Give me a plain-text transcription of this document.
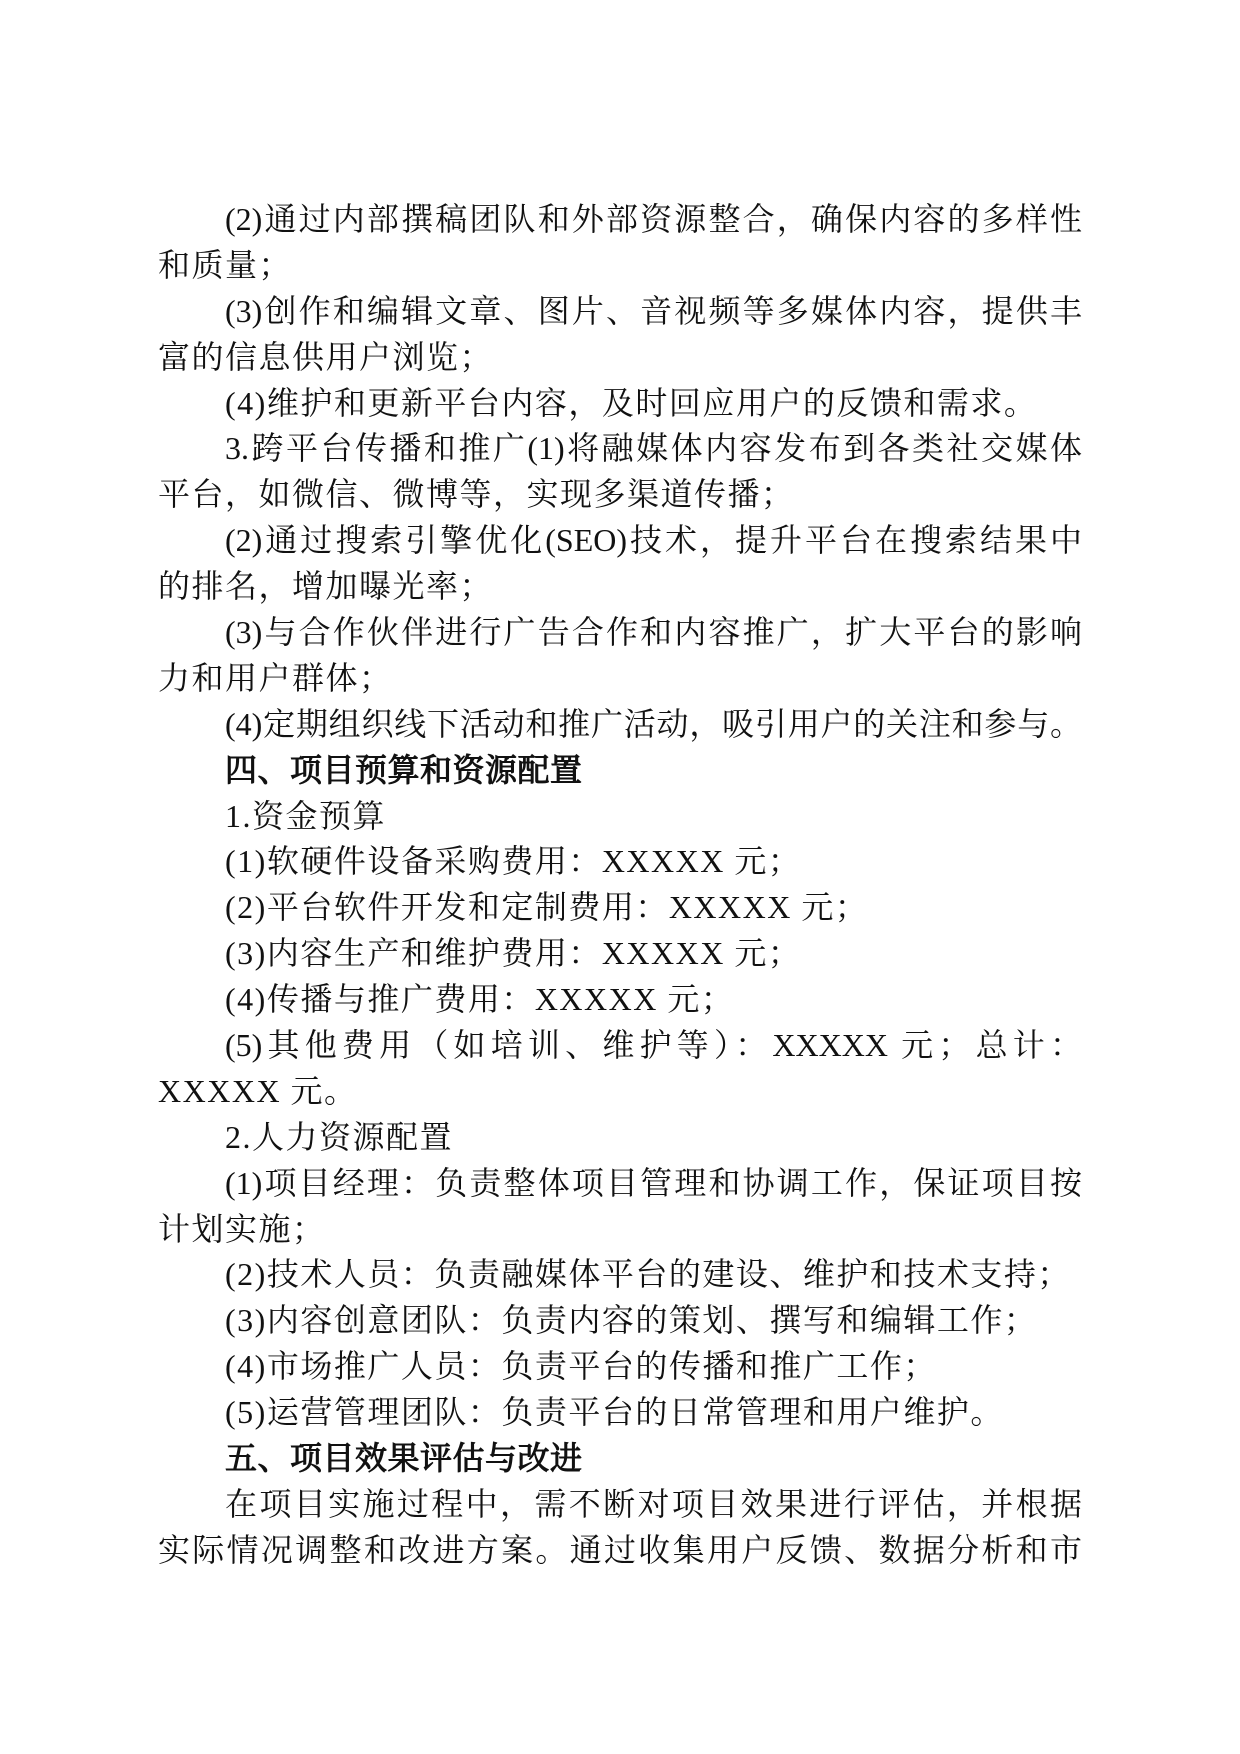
(2)通过内部撰稿团队和外部资源整合，确保内容的多样性
和质量；
(3)创作和编辑文章、图片、音视频等多媒体内容，提供丰
富的信息供用户浏览；
(4)维护和更新平台内容，及时回应用户的反馈和需求。
3.跨平台传播和推广(1)将融媒体内容发布到各类社交媒体
平台，如微信、微博等，实现多渠道传播；
(2)通过搜索引擎优化(SEO)技术，提升平台在搜索结果中
的排名，增加曝光率；
(3)与合作伙伴进行广告合作和内容推广，扩大平台的影响
力和用户群体；
(4)定期组织线下活动和推广活动，吸引用户的关注和参与。
四、项目预算和资源配置
1.资金预算
(1)软硬件设备采购费用：XXXXX 元；
(2)平台软件开发和定制费用：XXXXX 元；
(3)内容生产和维护费用：XXXXX 元；
(4)传播与推广费用：XXXXX 元；
(5)其他费用（如培训、维护等）：XXXXX 元；总计：
XXXXX 元。
2.人力资源配置
(1)项目经理：负责整体项目管理和协调工作，保证项目按
计划实施；
(2)技术人员：负责融媒体平台的建设、维护和技术支持；
(3)内容创意团队：负责内容的策划、撰写和编辑工作；
(4)市场推广人员：负责平台的传播和推广工作；
(5)运营管理团队：负责平台的日常管理和用户维护。
五、项目效果评估与改进
在项目实施过程中，需不断对项目效果进行评估，并根据
实际情况调整和改进方案。通过收集用户反馈、数据分析和市
